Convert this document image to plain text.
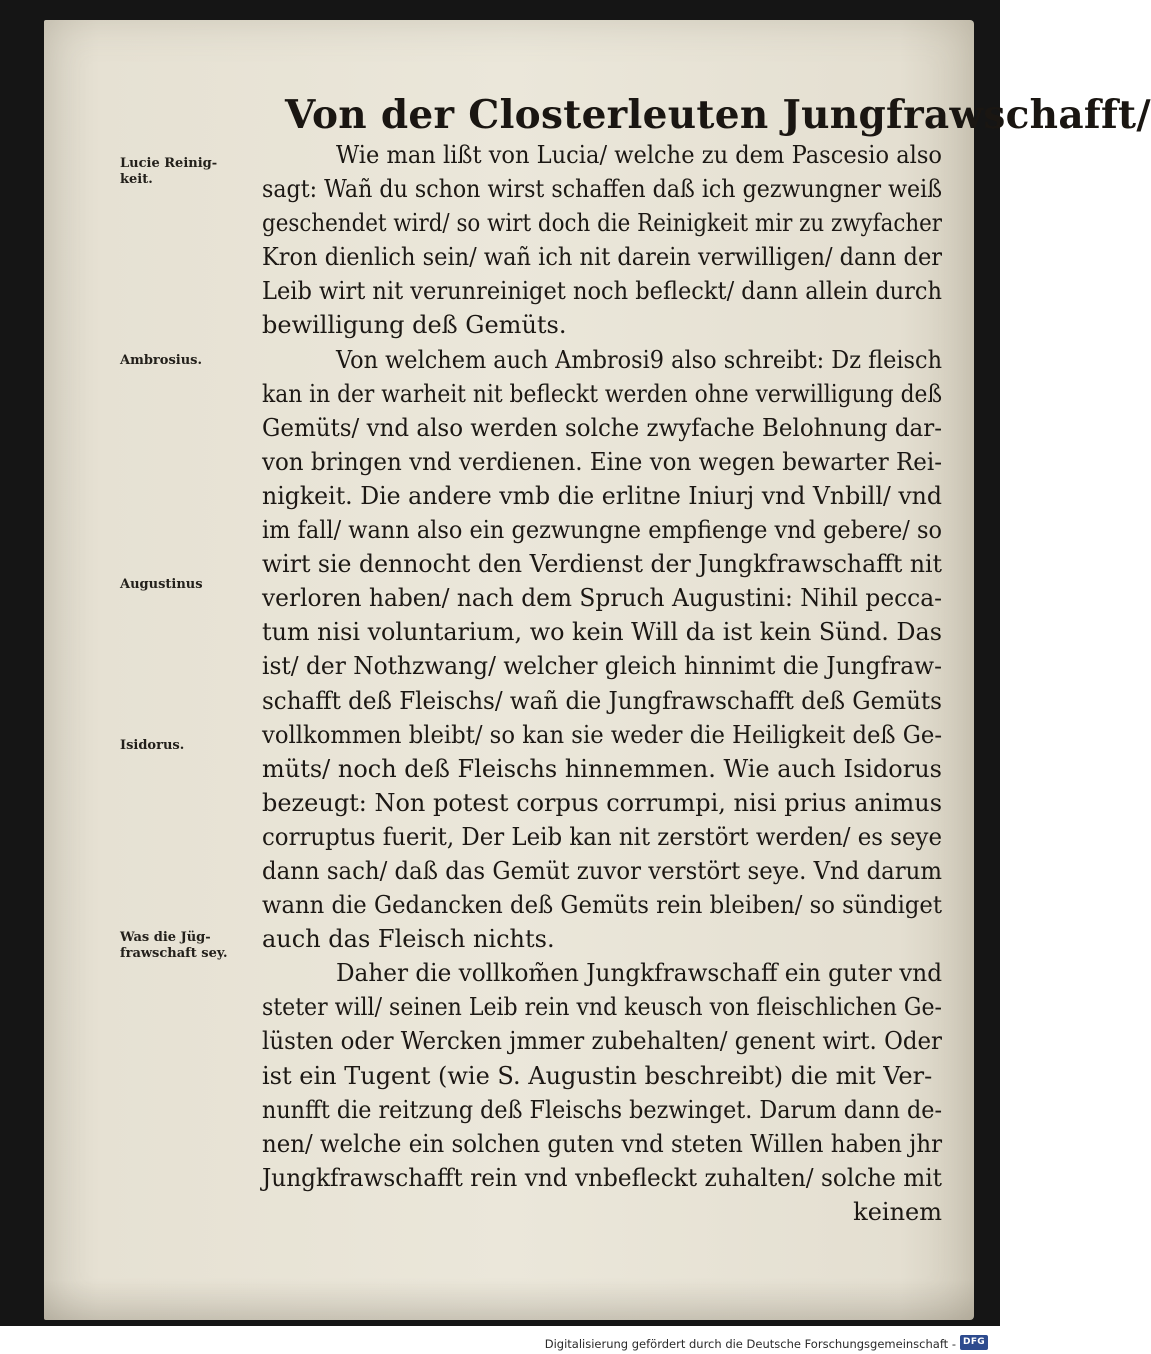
Von der Closterleuten Jungfrawschafft/
Lucie Reinig-
keit.
Ambrosius.
Augustinus
Isidorus.
Was die Jüg-
frawschaft sey.
Wie man lißt von Lucia/ welche zu dem Pascesio also
sagt: Wañ du schon wirst schaffen daß ich gezwungner weiß
geschendet wird/ so wirt doch die Reinigkeit mir zu zwyfacher
Kron dienlich sein/ wañ ich nit darein verwilligen/ dann der
Leib wirt nit verunreiniget noch befleckt/ dann allein durch
bewilligung deß Gemüts.
Von welchem auch Ambrosi9 also schreibt: Dz fleisch
kan in der warheit nit befleckt werden ohne verwilligung deß
Gemüts/ vnd also werden solche zwyfache Belohnung dar-
von bringen vnd verdienen. Eine von wegen bewarter Rei-
nigkeit. Die andere vmb die erlitne Iniurj vnd Vnbill/ vnd
im fall/ wann also ein gezwungne empfienge vnd gebere/ so
wirt sie dennocht den Verdienst der Jungkfrawschafft nit
verloren haben/ nach dem Spruch Augustini: Nihil pecca-
tum nisi voluntarium, wo kein Will da ist kein Sünd. Das
ist/ der Nothzwang/ welcher gleich hinnimt die Jungfraw-
schafft deß Fleischs/ wañ die Jungfrawschafft deß Gemüts
vollkommen bleibt/ so kan sie weder die Heiligkeit deß Ge-
müts/ noch deß Fleischs hinnemmen. Wie auch Isidorus
bezeugt: Non potest corpus corrumpi, nisi prius animus
corruptus fuerit, Der Leib kan nit zerstört werden/ es seye
dann sach/ daß das Gemüt zuvor verstört seye. Vnd darum
wann die Gedancken deß Gemüts rein bleiben/ so sündiget
auch das Fleisch nichts.
Daher die vollkom̃en Jungkfrawschaff ein guter vnd
steter will/ seinen Leib rein vnd keusch von fleischlichen Ge-
lüsten oder Wercken jmmer zubehalten/ genent wirt. Oder
ist ein Tugent (wie S. Augustin beschreibt) die mit Ver-
nunfft die reitzung deß Fleischs bezwinget. Darum dann de-
nen/ welche ein solchen guten vnd steten Willen haben jhr
Jungkfrawschafft rein vnd vnbefleckt zuhalten/ solche mit
keinem
Digitalisierung gefördert durch die Deutsche Forschungsgemeinschaft - DFG
